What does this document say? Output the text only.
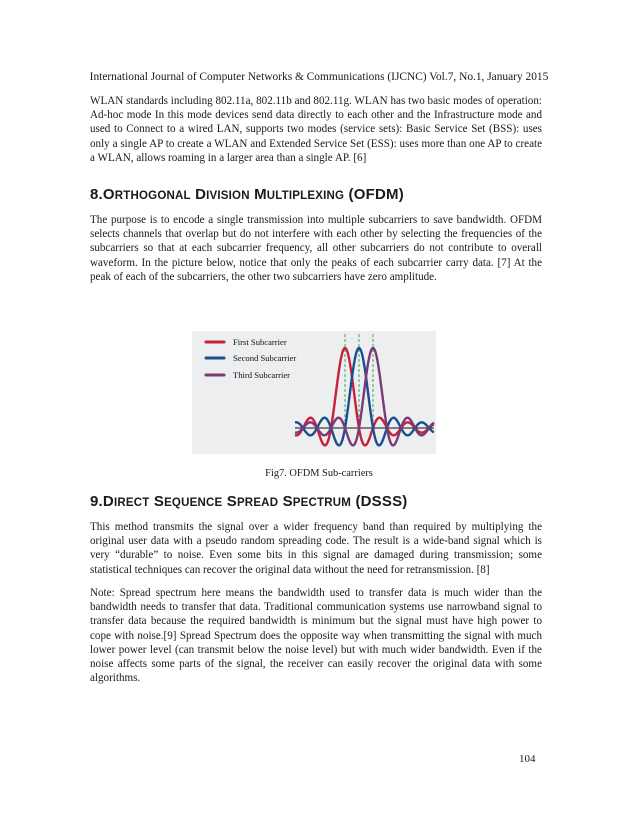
International Journal of Computer Networks & Communications (IJCNC) Vol.7, No.1, January 2015
WLAN standards including 802.11a, 802.11b and 802.11g. WLAN has two basic modes of operation: Ad-hoc mode In this mode devices send data directly to each other and the Infrastructure mode and used to Connect to a wired LAN, supports two modes (service sets): Basic Service Set (BSS): uses only a single AP to create a WLAN and Extended Service Set (ESS): uses more than one AP to create a WLAN, allows roaming in a larger area than a single AP. [6]
8.ORTHOGONAL DIVISION MULTIPLEXING (OFDM)
The purpose is to encode a single transmission into multiple subcarriers to save bandwidth. OFDM selects channels that overlap but do not interfere with each other by selecting the frequencies of the subcarriers so that at each subcarrier frequency, all other subcarriers do not contribute to overall waveform. In the picture below, notice that only the peaks of each subcarrier carry data. [7] At the peak of each of the subcarriers, the other two subcarriers have zero amplitude.
First Subcarrier
Second Subcarrier
Third Subcarrier
Fig7. OFDM Sub-carriers
9.DIRECT SEQUENCE SPREAD SPECTRUM (DSSS)
This method transmits the signal over a wider frequency band than required by multiplying the original user data with a pseudo random spreading code. The result is a wide-band signal which is very “durable” to noise. Even some bits in this signal are damaged during transmission; some statistical techniques can recover the original data without the need for retransmission. [8]
Note: Spread spectrum here means the bandwidth used to transfer data is much wider than the bandwidth needs to transfer that data. Traditional communication systems use narrowband signal to transfer data because the required bandwidth is minimum but the signal must have high power to cope with noise.[9] Spread Spectrum does the opposite way when transmitting the signal with much lower power level (can transmit below the noise level) but with much wider bandwidth. Even if the noise affects some parts of the signal, the receiver can easily recover the original data with some algorithms.
104
